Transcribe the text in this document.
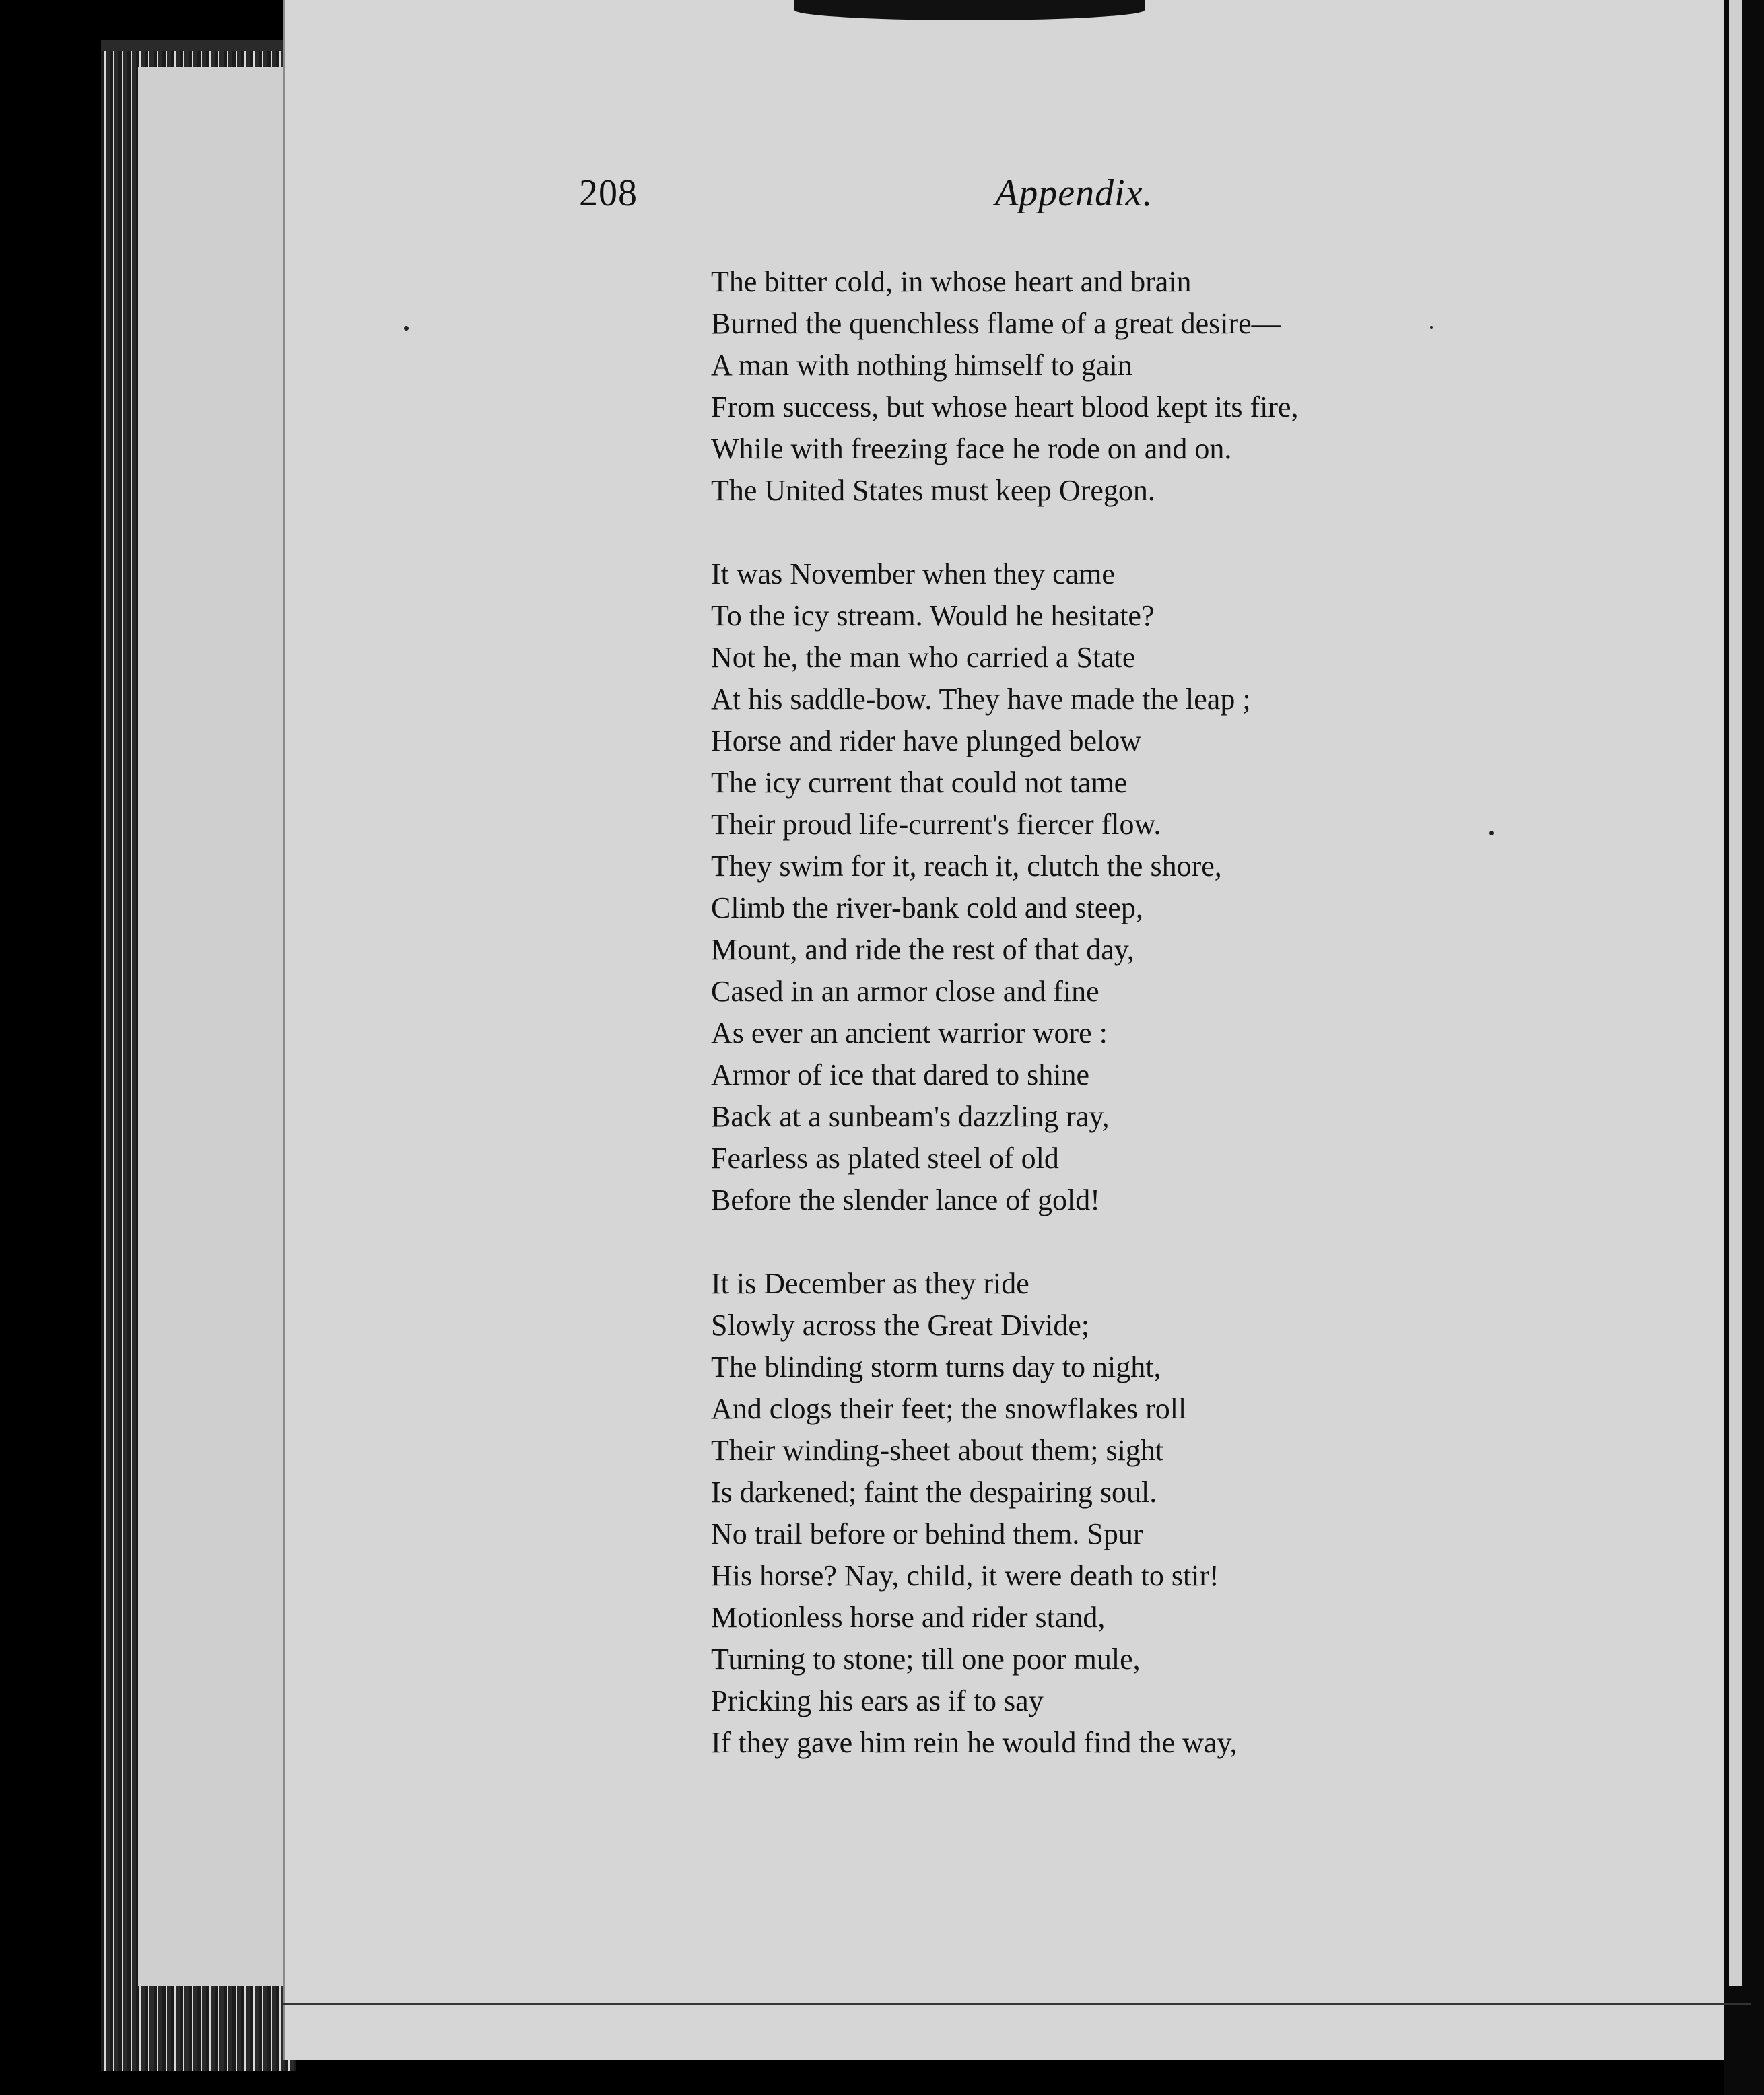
208	Appendix.
The bitter cold, in whose heart and brain
Burned the quenchless flame of a great desire—
A man with nothing himself to gain
From success, but whose heart blood kept its fire,
While with freezing face he rode on and on.
The United States must keep Oregon.
It was November when they came
To the icy stream. Would he hesitate?
Not he, the man who carried a State
At his saddle-bow. They have made the leap ;
Horse and rider have plunged below
The icy current that could not tame
Their proud life-current's fiercer flow.
They swim for it, reach it, clutch the shore,
Climb the river-bank cold and steep,
Mount, and ride the rest of that day,
Cased in an armor close and fine
As ever an ancient warrior wore :
Armor of ice that dared to shine
Back at a sunbeam's dazzling ray,
Fearless as plated steel of old
Before the slender lance of gold!
It is December as they ride
Slowly across the Great Divide;
The blinding storm turns day to night,
And clogs their feet; the snowflakes roll
Their winding-sheet about them; sight
Is darkened; faint the despairing soul.
No trail before or behind them. Spur
His horse? Nay, child, it were death to stir!
Motionless horse and rider stand,
Turning to stone; till one poor mule,
Pricking his ears as if to say
If they gave him rein he would find the way,
